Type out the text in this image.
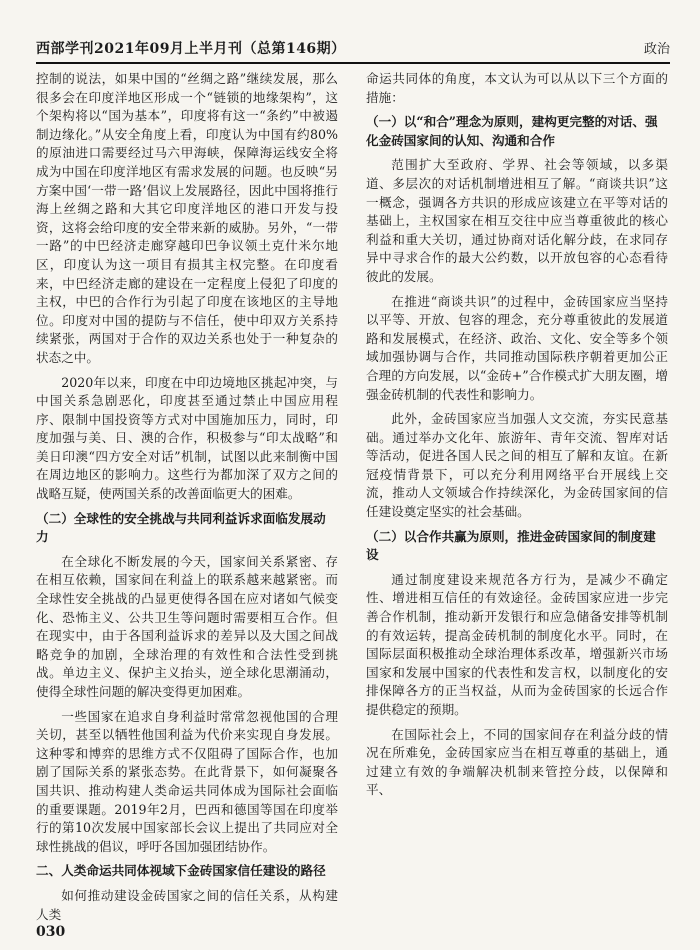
西部学刊2021年09月上半月刊（总第146期）	政治

控制的说法，如果中国的“丝绸之路”继续发展，那么很多会在印度洋地区形成一个“链锁的地缘架构”，这个架构将以“国为基本”，印度将有这一“条约”中被遏制边缘化。”从安全角度上看，印度认为中国有约80%的原油进口需要经过马六甲海峡，保障海运线安全将成为中国在印度洋地区有需求发展的问题。也反映“另方案中国‘一带一路’倡议上发展路径，因此中国将推行海上丝绸之路和大其它印度洋地区的港口开发与投资，这将会给印度的安全带来新的威胁。另外，“一带一路”的中巴经济走廊穿越印巴争议领土克什米尔地区，印度认为这一项目有损其主权完整。在印度看来，中巴经济走廊的建设在一定程度上侵犯了印度的主权，中巴的合作行为引起了印度在该地区的主导地位。印度对中国的提防与不信任，使中印双方关系持续紧张，两国对于合作的双边关系也处于一种复杂的状态之中。

2020年以来，印度在中印边境地区挑起冲突，与中国关系急剧恶化，印度甚至通过禁止中国应用程序、限制中国投资等方式对中国施加压力，同时，印度加强与美、日、澳的合作，积极参与“印太战略”和美日印澳“四方安全对话”机制，试图以此来制衡中国在周边地区的影响力。这些行为都加深了双方之间的战略互疑，使两国关系的改善面临更大的困难。

（二）全球性的安全挑战与共同利益诉求面临发展动力

在全球化不断发展的今天，国家间关系紧密、存在相互依赖，国家间在利益上的联系越来越紧密。而全球性安全挑战的凸显更使得各国在应对诸如气候变化、恐怖主义、公共卫生等问题时需要相互合作。但在现实中，由于各国利益诉求的差异以及大国之间战略竞争的加剧，全球治理的有效性和合法性受到挑战。单边主义、保护主义抬头，逆全球化思潮涌动，使得全球性问题的解决变得更加困难。

一些国家在追求自身利益时常常忽视他国的合理关切，甚至以牺牲他国利益为代价来实现自身发展。这种零和博弈的思维方式不仅阻碍了国际合作，也加剧了国际关系的紧张态势。在此背景下，如何凝聚各国共识、推动构建人类命运共同体成为国际社会面临的重要课题。2019年2月，巴西和德国等国在印度举行的第10次发展中国家部长会议上提出了共同应对全球性挑战的倡议，呼吁各国加强团结协作。

二、人类命运共同体视域下金砖国家信任建设的路径

如何推动建设金砖国家之间的信任关系，从构建人类

命运共同体的角度，本文认为可以从以下三个方面的措施：

（一）以“和合”理念为原则，建构更完整的对话、强化金砖国家间的认知、沟通和合作

范围扩大至政府、学界、社会等领域，以多渠道、多层次的对话机制增进相互了解。“商谈共识”这一概念，强调各方共识的形成应该建立在平等对话的基础上，主权国家在相互交往中应当尊重彼此的核心利益和重大关切，通过协商对话化解分歧，在求同存异中寻求合作的最大公约数，以开放包容的心态看待彼此的发展。

在推进“商谈共识”的过程中，金砖国家应当坚持以平等、开放、包容的理念，充分尊重彼此的发展道路和发展模式，在经济、政治、文化、安全等多个领域加强协调与合作，共同推动国际秩序朝着更加公正合理的方向发展，以“金砖+”合作模式扩大朋友圈，增强金砖机制的代表性和影响力。

此外，金砖国家应当加强人文交流，夯实民意基础。通过举办文化年、旅游年、青年交流、智库对话等活动，促进各国人民之间的相互了解和友谊。在新冠疫情背景下，可以充分利用网络平台开展线上交流，推动人文领域合作持续深化，为金砖国家间的信任建设奠定坚实的社会基础。

（二）以合作共赢为原则，推进金砖国家间的制度建设

通过制度建设来规范各方行为，是减少不确定性、增进相互信任的有效途径。金砖国家应进一步完善合作机制，推动新开发银行和应急储备安排等机制的有效运转，提高金砖机制的制度化水平。同时，在国际层面积极推动全球治理体系改革，增强新兴市场国家和发展中国家的代表性和发言权，以制度化的安排保障各方的正当权益，从而为金砖国家的长远合作提供稳定的预期。

在国际社会上，不同的国家间存在利益分歧的情况在所难免，金砖国家应当在相互尊重的基础上，通过建立有效的争端解决机制来管控分歧，以保障和平、

030
